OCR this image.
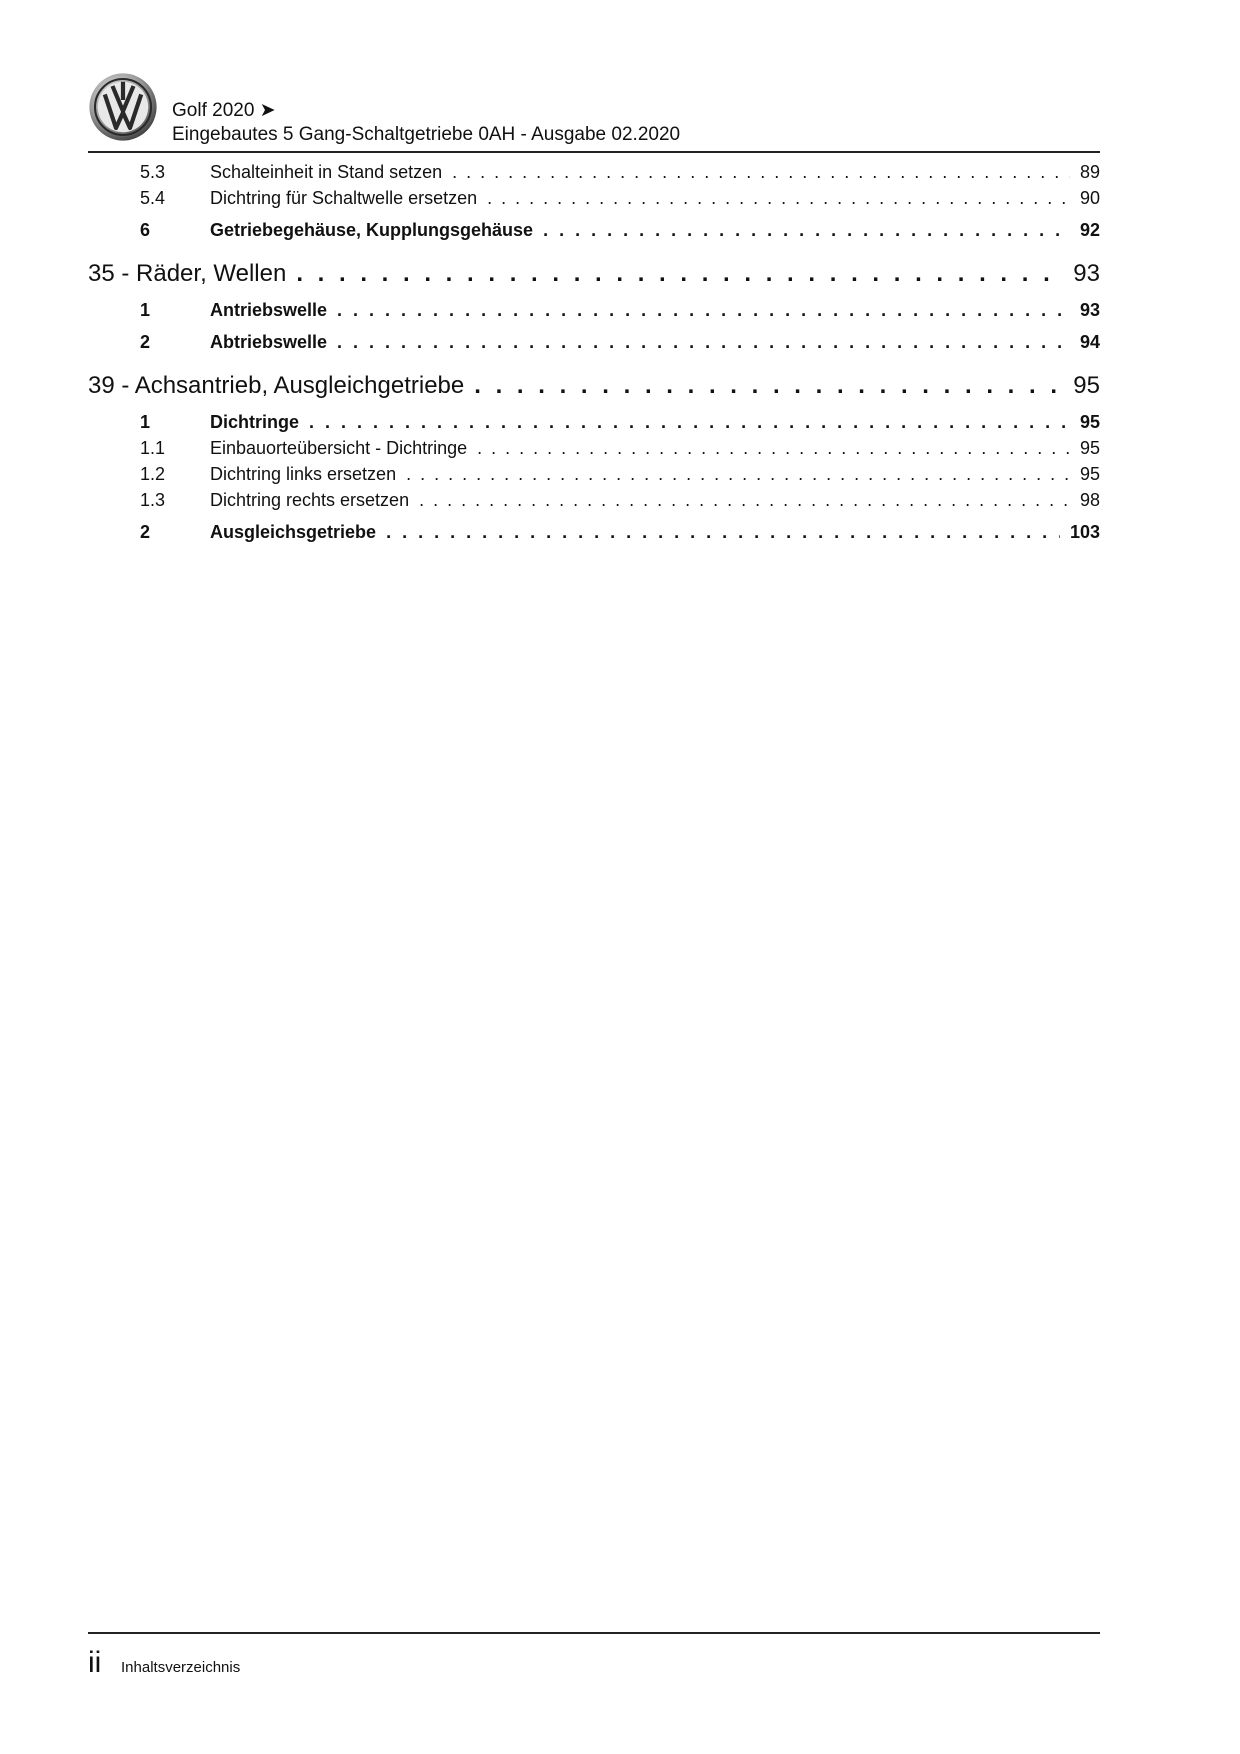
Golf 2020 ➤
Eingebautes 5 Gang-Schaltgetriebe 0AH - Ausgabe 02.2020
5.3	Schalteinheit in Stand setzen . . .	89
5.4	Dichtring für Schaltwelle ersetzen . . .	90
6	Getriebegehäuse, Kupplungsgehäuse . . .	92
35 - Räder, Wellen . . .	93
1	Antriebswelle . . .	93
2	Abtriebswelle . . .	94
39 - Achsantrieb, Ausgleichgetriebe . . .	95
1	Dichtringe . . .	95
1.1	Einbauorteübersicht - Dichtringe . . .	95
1.2	Dichtring links ersetzen . . .	95
1.3	Dichtring rechts ersetzen . . .	98
2	Ausgleichsgetriebe . . .	103
ii Inhaltsverzeichnis
